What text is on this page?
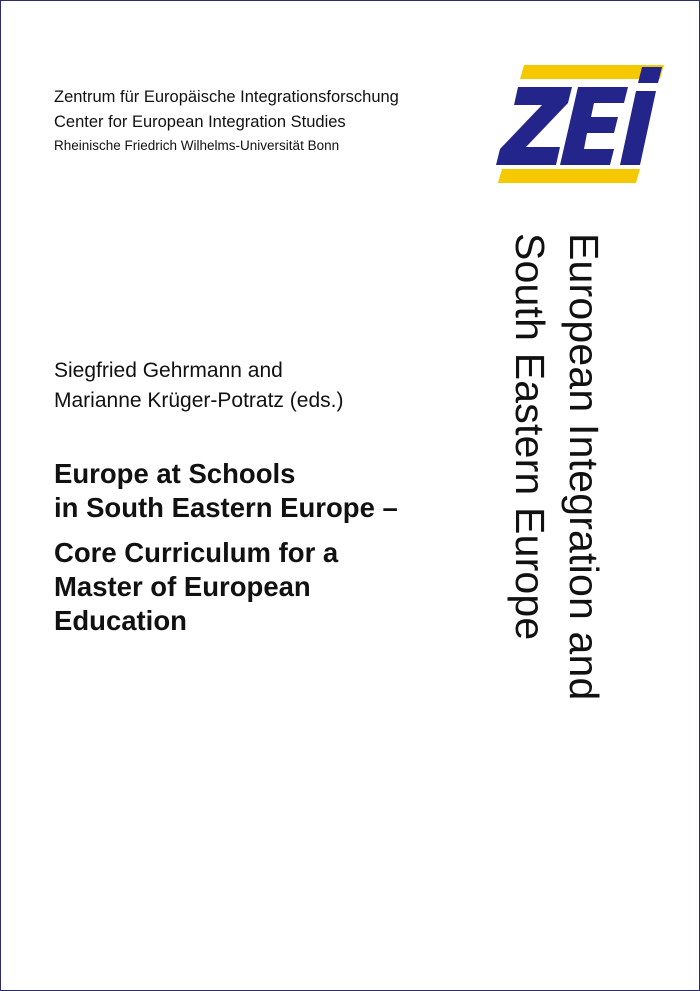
Zentrum für Europäische Integrationsforschung
Center for European Integration Studies
Rheinische Friedrich Wilhelms-Universität Bonn
European Integration and
South Eastern Europe
Siegfried Gehrmann and
Marianne Krüger-Potratz (eds.)
Europe at Schools
in South Eastern Europe –
Core Curriculum for a
Master of European
Education
